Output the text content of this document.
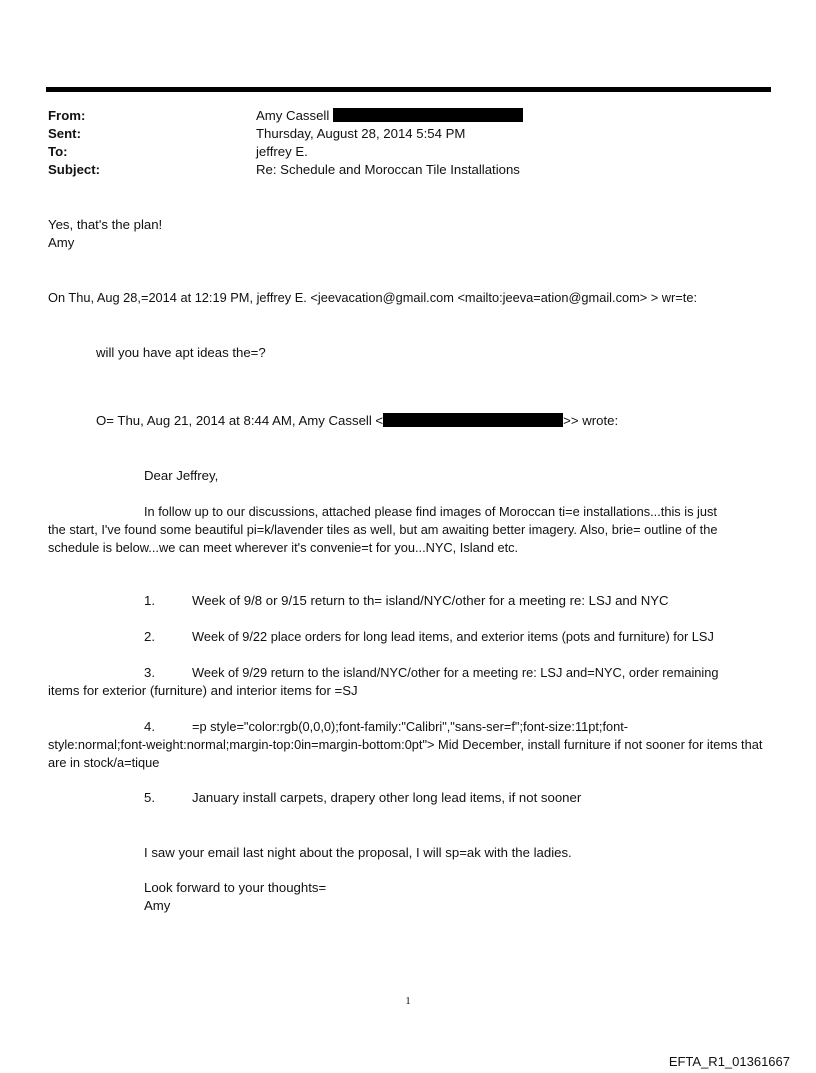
From:	Amy Cassell
Sent:	Thursday, August 28, 2014 5:54 PM
To:	jeffrey E.
Subject:	Re: Schedule and Moroccan Tile Installations
Yes, that's the plan!
Amy
On Thu, Aug 28,=2014 at 12:19 PM, jeffrey E. <jeevacation@gmail.com <mailto:jeeva=ation@gmail.com> > wr=te:
will you have apt ideas the=?
O= Thu, Aug 21, 2014 at 8:44 AM, Amy Cassell <	>> wrote:
Dear Jeffrey,
In follow up to our discussions, attached please find images of Moroccan ti=e installations...this is just
the start, I've found some beautiful pi=k/lavender tiles as well, but am awaiting better imagery. Also, brie= outline of the schedule is below...we can meet wherever it's convenie=t for you...NYC, Island etc.
1.	Week of 9/8 or 9/15 return to th= island/NYC/other for a meeting re: LSJ and NYC
2.	Week of 9/22 place orders for long lead items, and exterior items (pots and furniture) for LSJ
3.	Week of 9/29 return to the island/NYC/other for a meeting re: LSJ and=NYC, order remaining
items for exterior (furniture) and interior items for =SJ
4.	=p style="color:rgb(0,0,0);font-family:"Calibri","sans-ser=f";font-size:11pt;font-
style:normal;font-weight:normal;margin-top:0in=margin-bottom:0pt"> Mid December, install furniture if not sooner for items that are in stock/a=tique
5.	January install carpets, drapery other long lead items, if not sooner
I saw your email last night about the proposal, I will sp=ak with the ladies.
Look forward to your thoughts=
Amy
1
EFTA_R1_01361667
